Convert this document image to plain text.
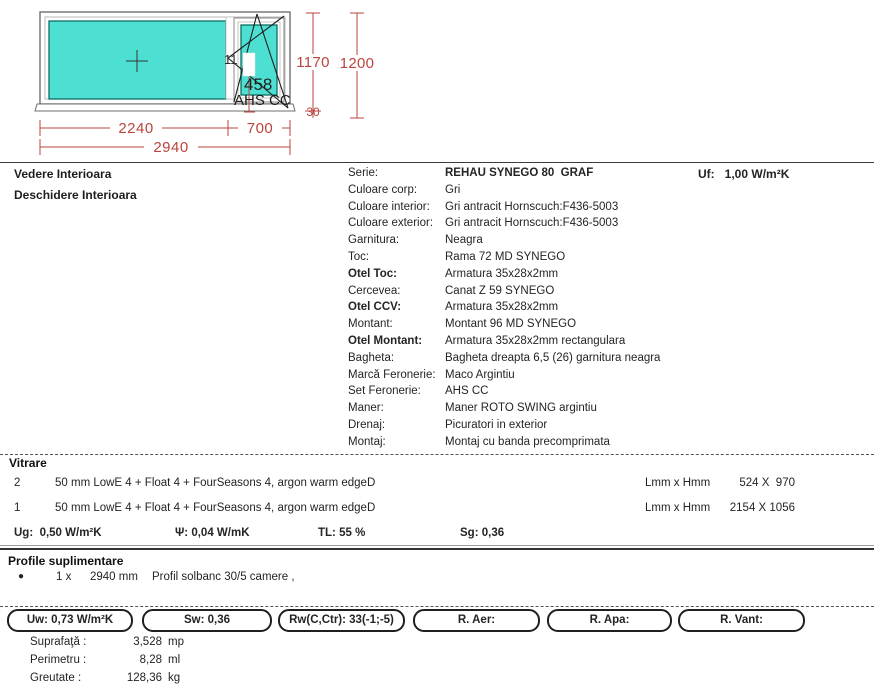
11
458
AHS CC
2240	700
2940
1170
30
1200
Vedere Interioara
Deschidere Interioara
Serie:	REHAU SYNEGO 80  GRAF
Culoare corp:	Gri
Culoare interior:	Gri antracit Hornscuch:F436-5003
Culoare exterior:	Gri antracit Hornscuch:F436-5003
Garnitura:	Neagra
Toc:	Rama 72 MD SYNEGO
Otel Toc:	Armatura 35x28x2mm
Cercevea:	Canat Z 59 SYNEGO
Otel CCV:	Armatura 35x28x2mm
Montant:	Montant 96 MD SYNEGO
Otel Montant:	Armatura 35x28x2mm rectangulara
Bagheta:	Bagheta dreapta 6,5 (26) garnitura neagra
Marcă Feronerie: Maco Argintiu
Set Feronerie:	AHS CC
Maner:	Maner ROTO SWING argintiu
Drenaj:	Picuratori in exterior
Montaj:	Montaj cu banda precomprimata
Uf: 1,00 W/m²K
Vitrare
2	50 mm LowE 4 + Float 4 + FourSeasons 4, argon warm edgeD	Lmm x Hmm	524 X  970
1	50 mm LowE 4 + Float 4 + FourSeasons 4, argon warm edgeD	Lmm x Hmm	2154 X 1056
Ug: 0,50 W/m²K	Ψ: 0,04 W/mK	TL: 55 %	Sg: 0,36
Profile suplimentare
●	1 x 2940 mm Profil solbanc 30/5 camere ,
Uw: 0,73 W/m²K	Sw: 0,36	Rw(C,Ctr): 33(-1;-5)	R. Aer:	R. Apa:	R. Vant:
Suprafaţă :	3,528 mp
Perimetru :	8,28 ml
Greutate :	128,36 kg
